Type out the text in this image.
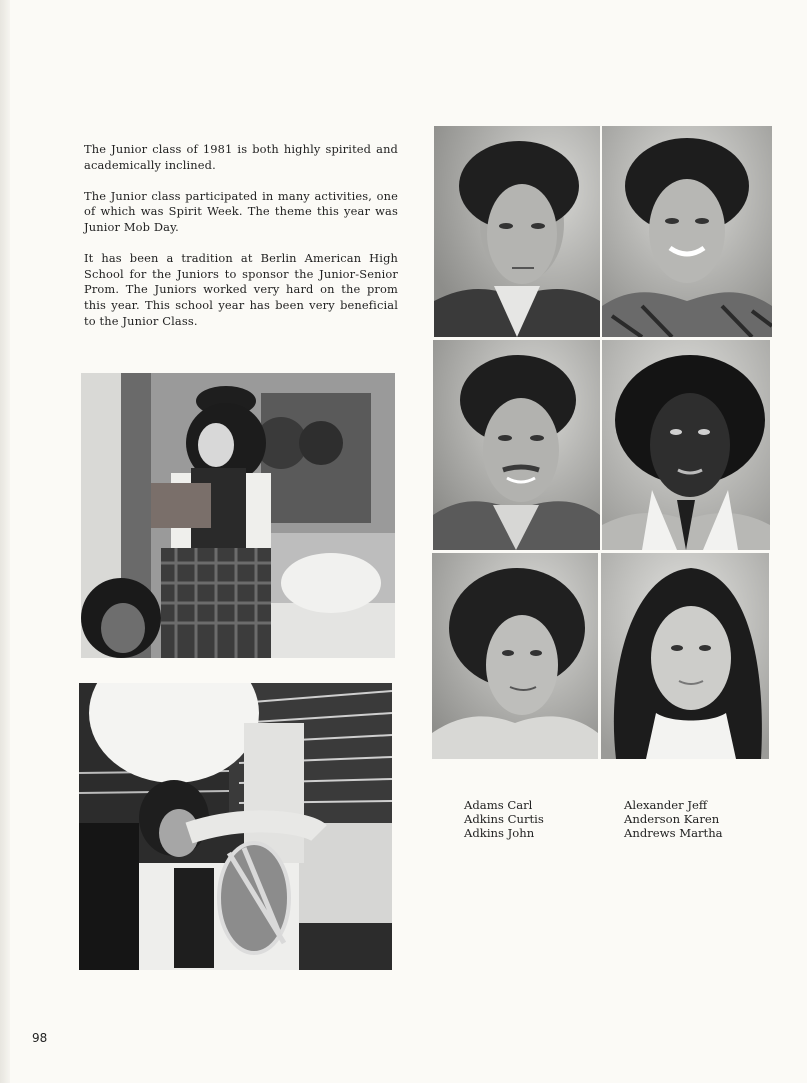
The Junior class of 1981 is both highly spirited and academically inclined.

The Junior class participated in many activities, one of which was Spirit Week. The theme this year was Junior Mob Day.

It has been a tradition at Berlin American High School for the Juniors to sponsor the Junior-Senior Prom. The Juniors worked very hard on the prom this year. This school year has been very beneficial to the Junior Class.

Adams Carl
Adkins Curtis
Adkins John
Alexander Jeff
Anderson Karen
Andrews Martha
98
